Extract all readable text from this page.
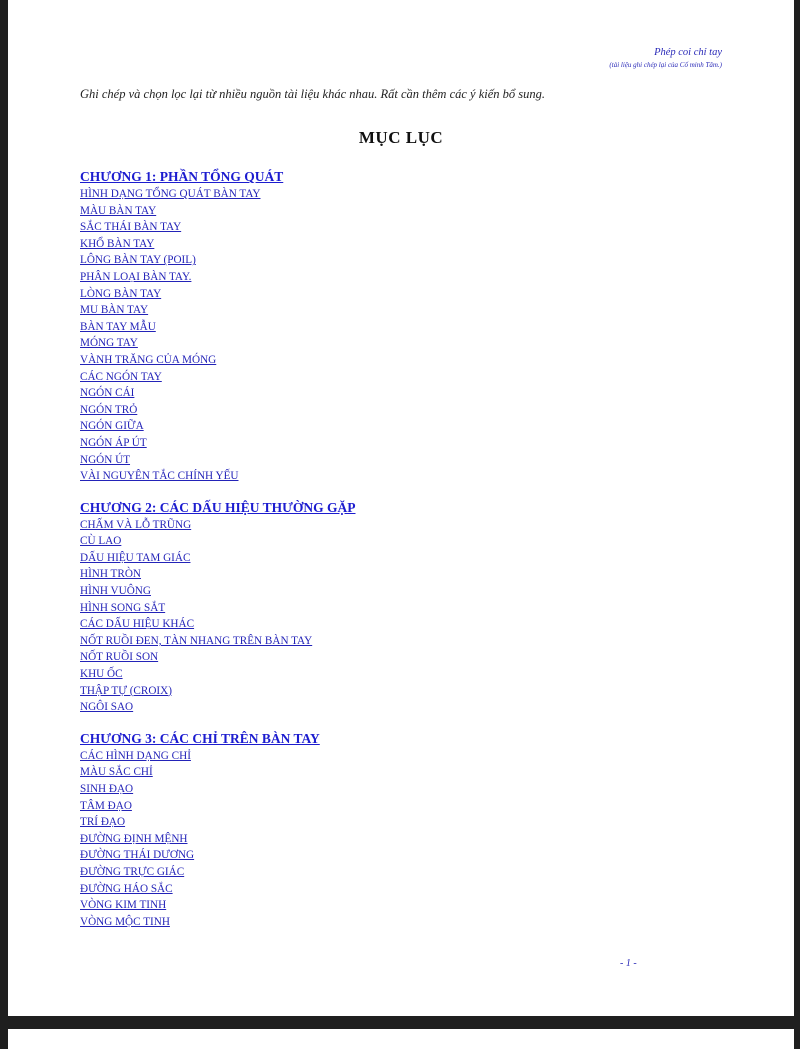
Phép coi chỉ tay
(tài liệu ghi chép lại của Cố minh Tâm.)
Ghi chép và chọn lọc lại từ nhiều nguồn tài liệu khác nhau. Rất cần thêm các ý kiến bổ sung.
MỤC LỤC
CHƯƠNG 1: PHẦN TỔNG QUÁT
HÌNH DẠNG TỔNG QUÁT BÀN TAY
MÀU BÀN TAY
SẮC THÁI BÀN TAY
KHỔ BÀN TAY
LÔNG BÀN TAY (POIL)
PHÂN LOẠI BÀN TAY.
LÒNG BÀN TAY
MU BÀN TAY
BÀN TAY MẪU
MÓNG TAY
VÀNH TRĂNG CỦA MÓNG
CÁC NGÓN TAY
NGÓN CÁI
NGÓN TRỎ
NGÓN GIỮA
NGÓN ÁP ÚT
NGÓN ÚT
VÀI NGUYÊN TẮC CHÍNH YẾU
CHƯƠNG 2: CÁC DẤU HIỆU THƯỜNG GẶP
CHẤM VÀ LỖ TRŨNG
CÙ LAO
DẤU HIỆU TAM GIÁC
HÌNH TRÒN
HÌNH VUÔNG
HÌNH SONG SẮT
CÁC DẤU HIỆU KHÁC
NỐT RUỒI ĐEN, TÀN NHANG TRÊN BÀN TAY
NỐT RUỒI SON
KHU ỐC
THẬP TỰ (CROIX)
NGÔI SAO
CHƯƠNG 3: CÁC CHỈ TRÊN BÀN TAY
CÁC HÌNH DẠNG CHỈ
MÀU SẮC CHỈ
SINH ĐẠO
TÂM ĐẠO
TRÍ ĐẠO
ĐƯỜNG ĐỊNH MỆNH
ĐƯỜNG THÁI DƯƠNG
ĐƯỜNG TRỰC GIÁC
ĐƯỜNG HÁO SẮC
VÒNG KIM TINH
VÒNG MỘC TINH
- 1 -
